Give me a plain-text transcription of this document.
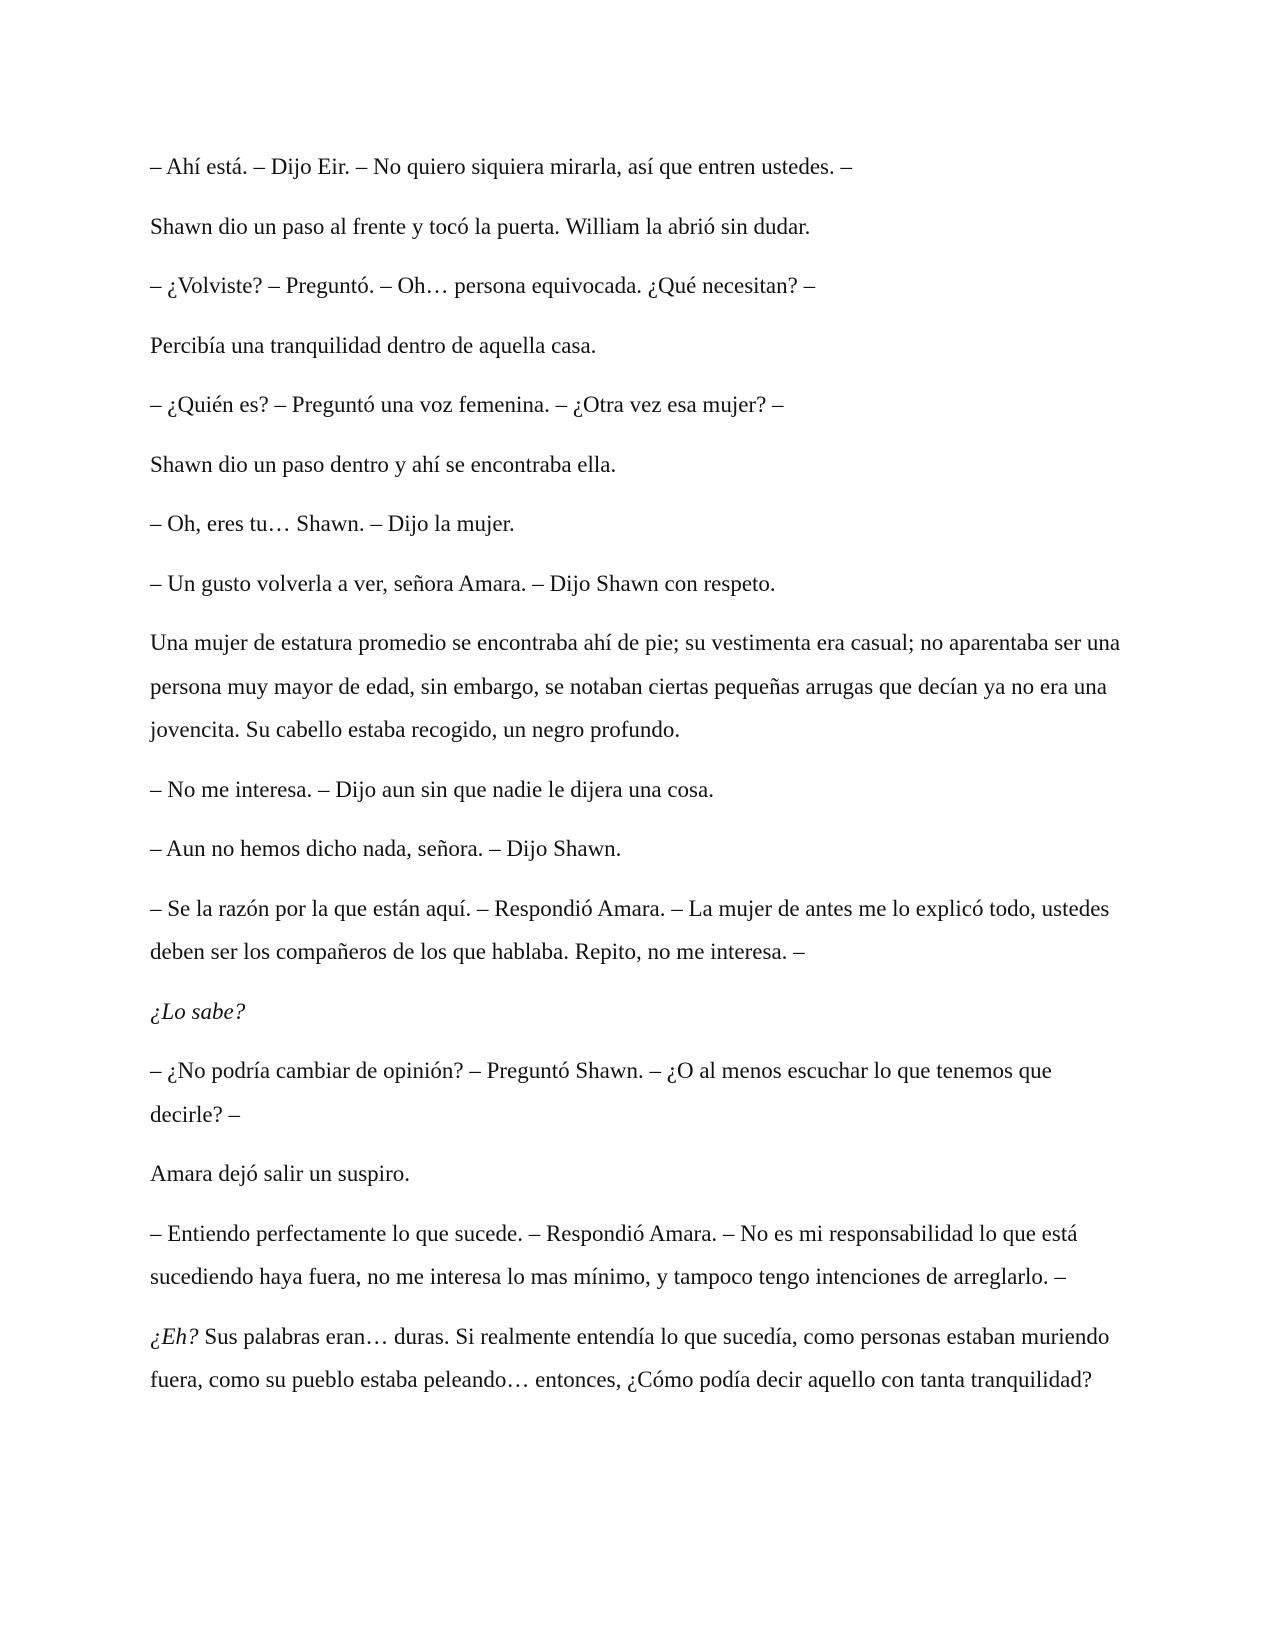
– Ahí está. – Dijo Eir. – No quiero siquiera mirarla, así que entren ustedes. –

Shawn dio un paso al frente y tocó la puerta. William la abrió sin dudar.

– ¿Volviste? – Preguntó. – Oh… persona equivocada. ¿Qué necesitan? –

Percibía una tranquilidad dentro de aquella casa.

– ¿Quién es? – Preguntó una voz femenina. – ¿Otra vez esa mujer? –

Shawn dio un paso dentro y ahí se encontraba ella.

– Oh, eres tu… Shawn. – Dijo la mujer.

– Un gusto volverla a ver, señora Amara. – Dijo Shawn con respeto.

Una mujer de estatura promedio se encontraba ahí de pie; su vestimenta era casual; no aparentaba ser una persona muy mayor de edad, sin embargo, se notaban ciertas pequeñas arrugas que decían ya no era una jovencita. Su cabello estaba recogido, un negro profundo.

– No me interesa. – Dijo aun sin que nadie le dijera una cosa.

– Aun no hemos dicho nada, señora. – Dijo Shawn.

– Se la razón por la que están aquí. – Respondió Amara. – La mujer de antes me lo explicó todo, ustedes deben ser los compañeros de los que hablaba. Repito, no me interesa. –

¿Lo sabe?

– ¿No podría cambiar de opinión? – Preguntó Shawn. – ¿O al menos escuchar lo que tenemos que decirle? –

Amara dejó salir un suspiro.

– Entiendo perfectamente lo que sucede. – Respondió Amara. – No es mi responsabilidad lo que está sucediendo haya fuera, no me interesa lo mas mínimo, y tampoco tengo intenciones de arreglarlo. –

¿Eh? Sus palabras eran… duras. Si realmente entendía lo que sucedía, como personas estaban muriendo fuera, como su pueblo estaba peleando… entonces, ¿Cómo podía decir aquello con tanta tranquilidad?
